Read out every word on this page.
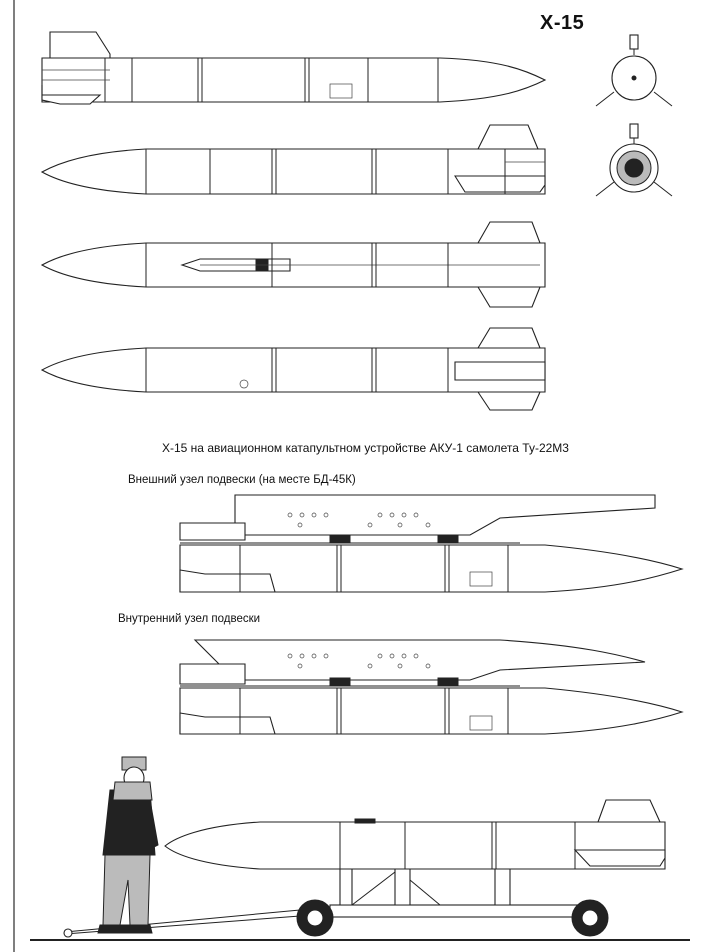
Х-15
Х-15 на авиационном катапультном устройстве АКУ-1 самолета Ту-22М3
Внешний узел подвески (на месте БД-45К)
Внутренний узел подвески
